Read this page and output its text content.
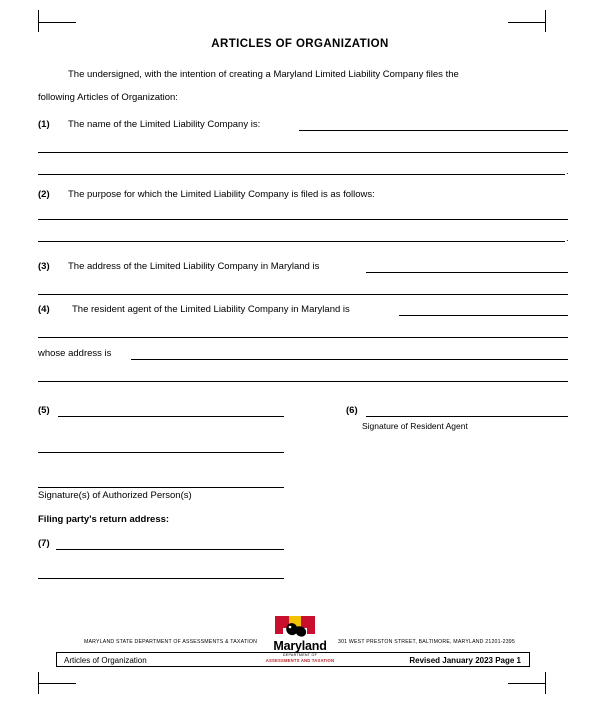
ARTICLES OF ORGANIZATION
The undersigned, with the intention of creating a Maryland Limited Liability Company files the
following Articles of Organization:
(1) The name of the Limited Liability Company is:
.
(2) The purpose for which the Limited Liability Company is filed is as follows:
.
(3) The address of the Limited Liability Company in Maryland is
(4) The resident agent of the Limited Liability Company in Maryland is
whose address is
(5)	(6)
Signature of Resident Agent
Signature(s) of Authorized Person(s)
Filing party's return address:
(7)
MARYLAND STATE DEPARTMENT OF ASSESSMENTS & TAXATION	301 WEST PRESTON STREET, BALTIMORE, MARYLAND 21201-2395
Maryland
DEPARTMENT OF
ASSESSMENTS AND TAXATION
Articles of Organization	Revised January 2023 Page 1
